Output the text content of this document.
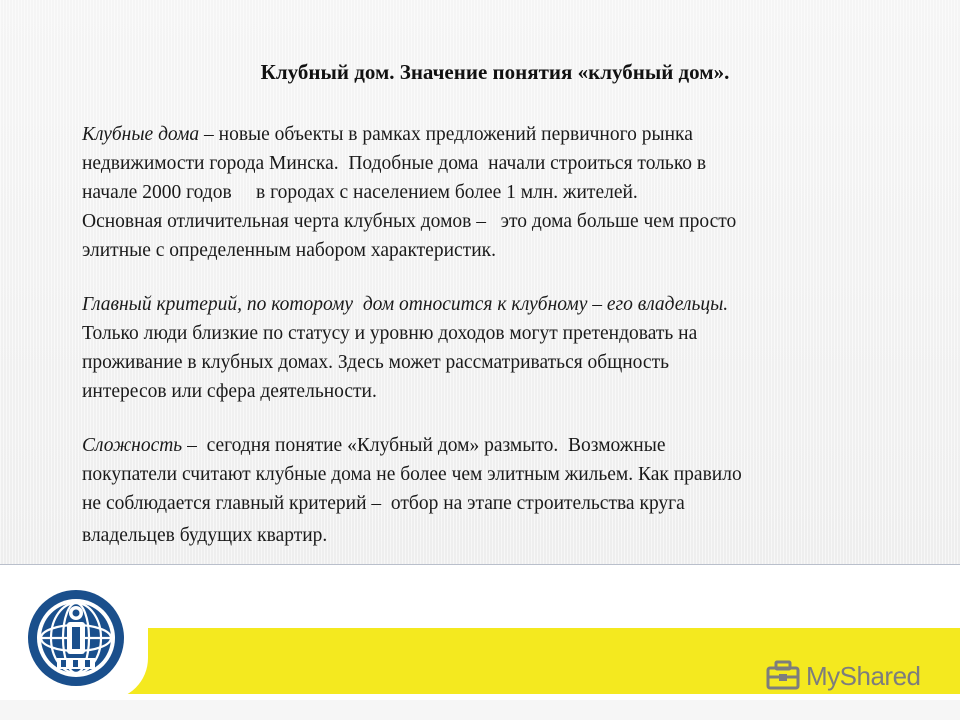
Клубный дом. Значение понятия «клубный дом».

Клубные дома – новые объекты в рамках предложений первичного рынка
недвижимости города Минска.  Подобные дома  начали строиться только в
начале 2000 годов     в городах с населением более 1 млн. жителей.
Основная отличительная черта клубных домов –   это дома больше чем просто
элитные с определенным набором характеристик.

Главный критерий, по которому  дом относится к клубному – его владельцы.
Только люди близкие по статусу и уровню доходов могут претендовать на
проживание в клубных домах. Здесь может рассматриваться общность
интересов или сфера деятельности.

Сложность –  сегодня понятие «Клубный дом» размыто.  Возможные
покупатели считают клубные дома не более чем элитным жильем. Как правило
не соблюдается главный критерий –  отбор на этапе строительства круга
владельцев будущих квартир.

MyShared
